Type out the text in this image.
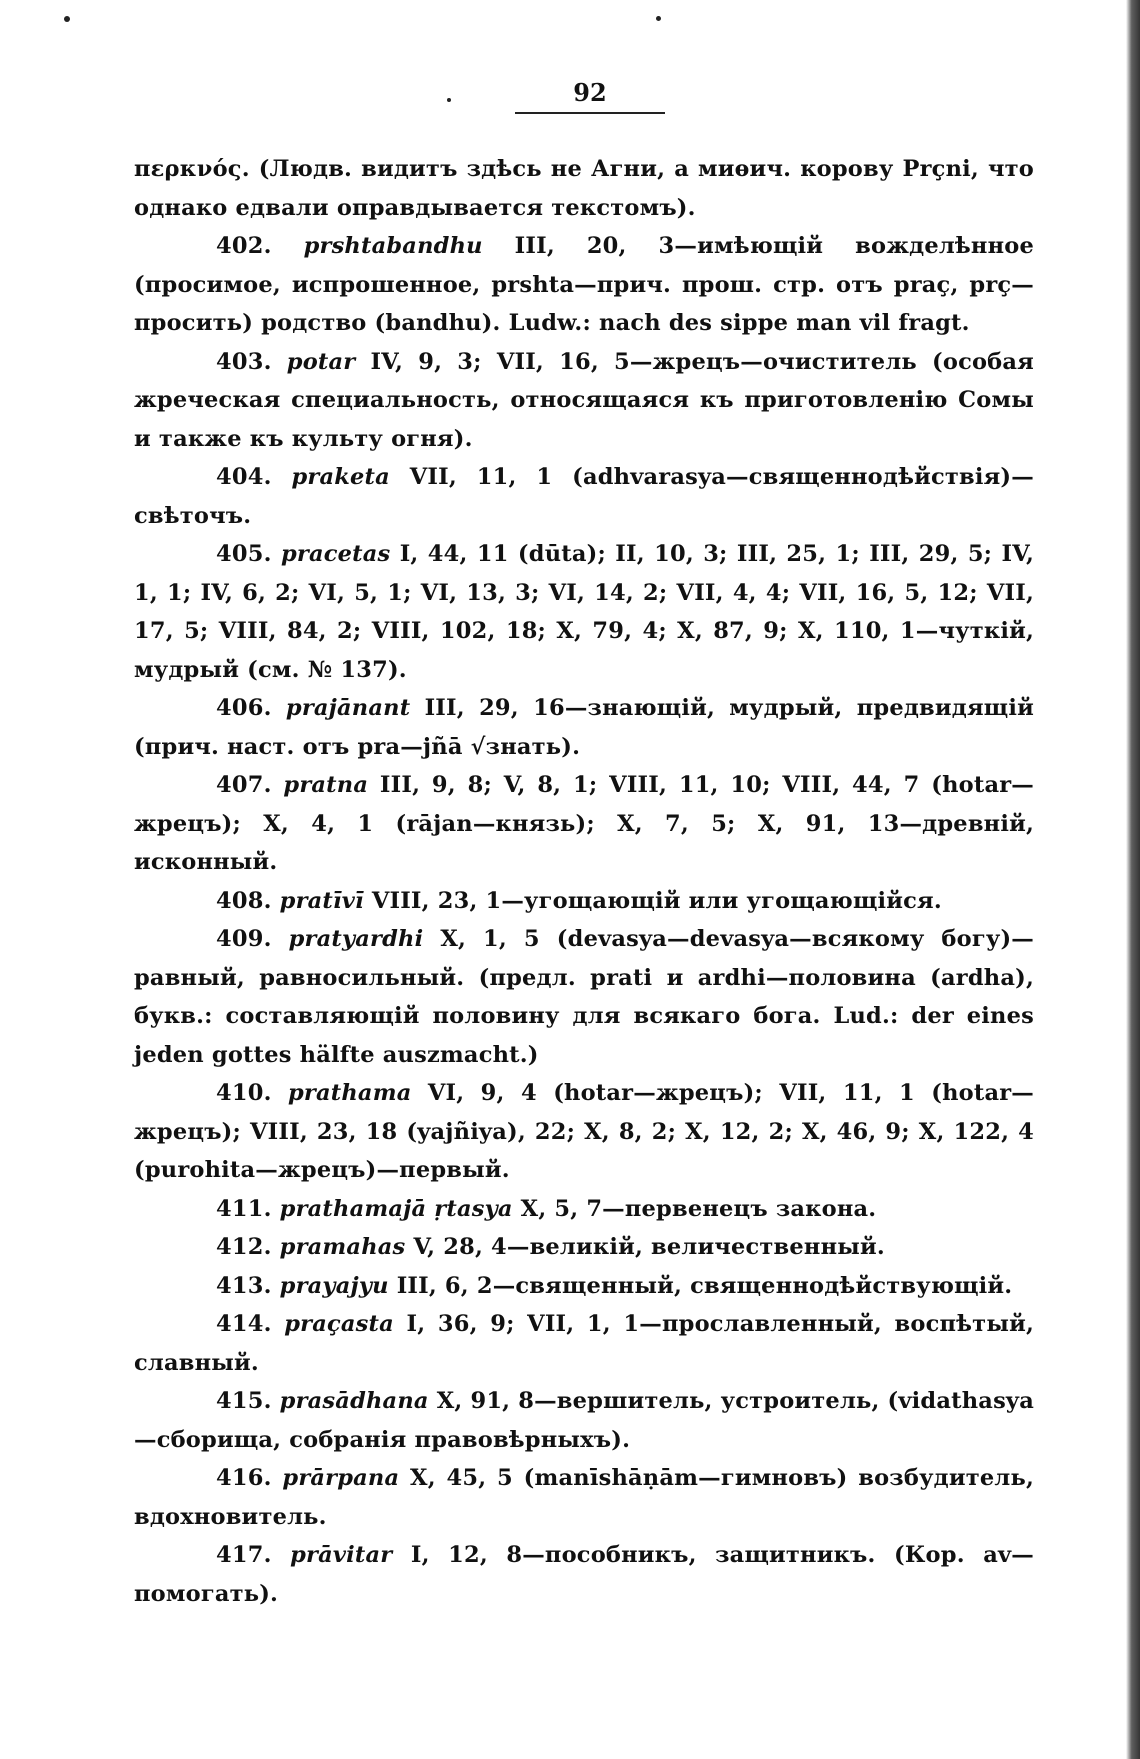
92

περκνός. (Людв. видитъ здѣсь не Агни, а миѳич. корову Prçni, что однако едвали оправдывается текстомъ).

402. prshtabandhu III, 20, 3—имѣющій вожделѣнное (просимое, испрошенное, prshta—прич. прош. стр. отъ praç, prç—просить) родство (bandhu). Ludw.: nach des sippe man vil fragt.

403. potar IV, 9, 3; VII, 16, 5—жрецъ—очиститель (особая жреческая специальность, относящаяся къ приготовленію Сомы и также къ культу огня).

404. praketa VII, 11, 1 (adhvarasya—священнодѣйствія)—свѣточъ.

405. pracetas I, 44, 11 (dūta); II, 10, 3; III, 25, 1; III, 29, 5; IV, 1, 1; IV, 6, 2; VI, 5, 1; VI, 13, 3; VI, 14, 2; VII, 4, 4; VII, 16, 5, 12; VII, 17, 5; VIII, 84, 2; VIII, 102, 18; X, 79, 4; X, 87, 9; X, 110, 1—чуткій, мудрый (см. № 137).

406. prajānant III, 29, 16—знающій, мудрый, предвидящій (прич. наст. отъ pra—jñā √знать).

407. pratna III, 9, 8; V, 8, 1; VIII, 11, 10; VIII, 44, 7 (hotar—жрецъ); X, 4, 1 (rājan—князь); X, 7, 5; X, 91, 13—древній, исконный.

408. pratīvī VIII, 23, 1—угощающій или угощающійся.

409. pratyardhi X, 1, 5 (devasya—devasya—всякому богу)—равный, равносильный. (предл. prati и ardhi—половина (ardha), букв.: составляющій половину для всякаго бога. Lud.: der eines jeden gottes hälfte auszmacht.)

410. prathama VI, 9, 4 (hotar—жрецъ); VII, 11, 1 (hotar—жрецъ); VIII, 23, 18 (yajñiya), 22; X, 8, 2; X, 12, 2; X, 46, 9; X, 122, 4 (purohita—жрецъ)—первый.

411. prathamajā ṛtasya X, 5, 7—первенецъ закона.

412. pramahas V, 28, 4—великій, величественный.

413. prayajyu III, 6, 2—священный, священнодѣйствующій.

414. praçasta I, 36, 9; VII, 1, 1—прославленный, воспѣтый, славный.

415. prasādhana X, 91, 8—вершитель, устроитель, (vidathasya—сборища, собранія правовѣрныхъ).

416. prārpana X, 45, 5 (manīshāṇām—гимновъ) возбудитель, вдохновитель.

417. prāvitar I, 12, 8—пособникъ, защитникъ. (Кор. av—помогать).
